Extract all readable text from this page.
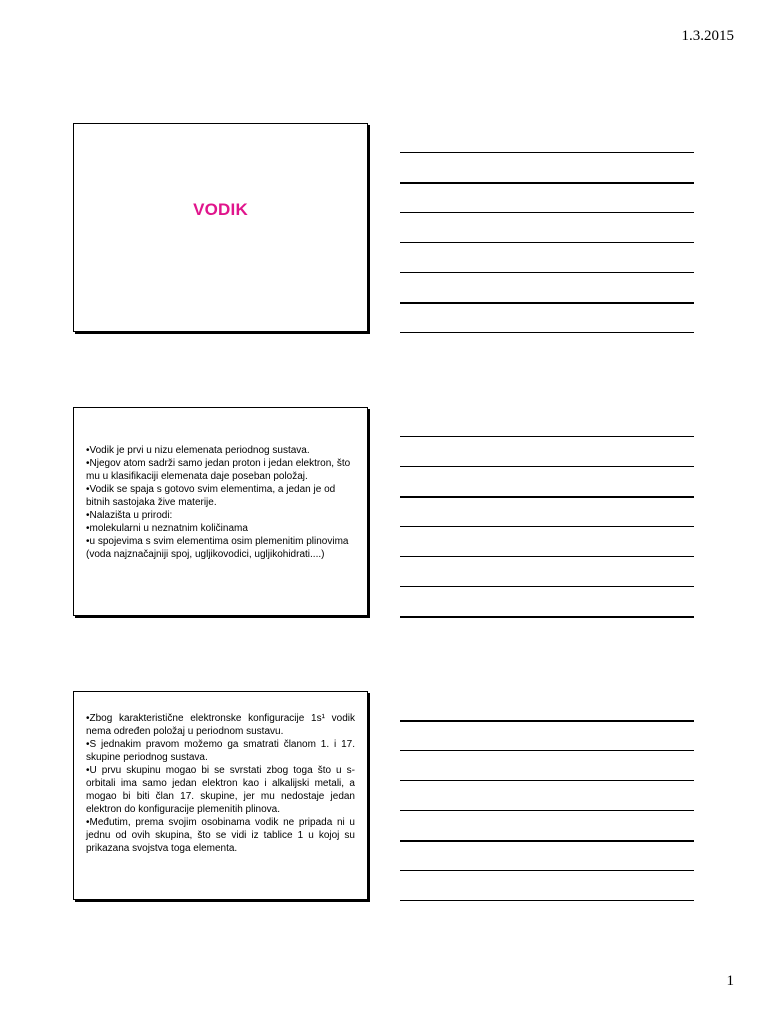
1.3.2015
VODIK

•Vodik je prvi u nizu elemenata periodnog sustava.

•Njegov atom sadrži samo jedan proton i jedan elektron, što mu u klasifikaciji elemenata daje poseban položaj.

•Vodik se spaja s gotovo svim elementima, a jedan je od bitnih sastojaka žive materije.

•Nalazišta u prirodi:

•molekularni u neznatnim količinama

•u spojevima s svim elementima osim plemenitim plinovima (voda najznačajniji spoj, ugljikovodici, ugljikohidrati....)

•Zbog karakteristične elektronske konfiguracije 1s¹ vodik nema određen položaj u periodnom sustavu.

•S jednakim pravom možemo ga smatrati članom 1. i 17. skupine periodnog sustava.

•U prvu skupinu mogao bi se svrstati zbog toga što u s-orbitali ima samo jedan elektron kao i alkalijski metali, a mogao bi biti član 17. skupine, jer mu nedostaje jedan elektron do konfiguracije plemenitih plinova.

•Međutim, prema svojim osobinama vodik ne pripada ni u jednu od ovih skupina, što se vidi iz tablice 1 u kojoj su prikazana svojstva toga elementa.

1
